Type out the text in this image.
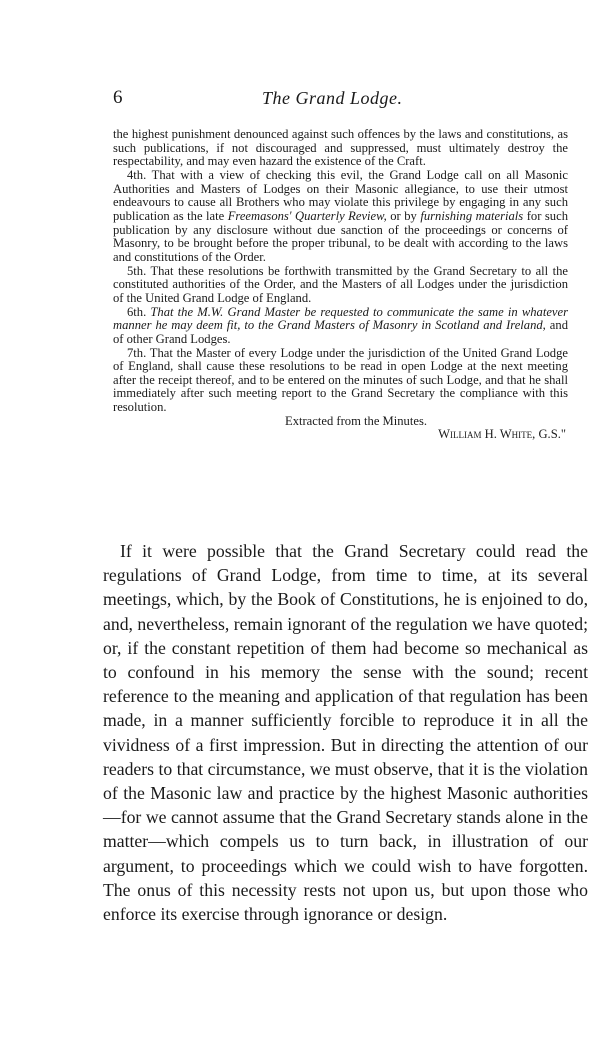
6	The Grand Lodge.

the highest punishment denounced against such offences by the laws and constitutions, as such publications, if not discouraged and suppressed, must ultimately destroy the respectability, and may even hazard the existence of the Craft.

4th. That with a view of checking this evil, the Grand Lodge call on all Masonic Authorities and Masters of Lodges on their Masonic allegiance, to use their utmost endeavours to cause all Brothers who may violate this privilege by engaging in any such publication as the late Freemasons' Quarterly Review, or by furnishing materials for such publication by any disclosure without due sanction of the proceedings or concerns of Masonry, to be brought before the proper tribunal, to be dealt with according to the laws and constitutions of the Order.

5th. That these resolutions be forthwith transmitted by the Grand Secretary to all the constituted authorities of the Order, and the Masters of all Lodges under the jurisdiction of the United Grand Lodge of England.

6th. That the M.W. Grand Master be requested to communicate the same in whatever manner he may deem fit, to the Grand Masters of Masonry in Scotland and Ireland, and of other Grand Lodges.

7th. That the Master of every Lodge under the jurisdiction of the United Grand Lodge of England, shall cause these resolutions to be read in open Lodge at the next meeting after the receipt thereof, and to be entered on the minutes of such Lodge, and that he shall immediately after such meeting report to the Grand Secretary the compliance with this resolution.

Extracted from the Minutes.

William H. White, G.S."

If it were possible that the Grand Secretary could read the regulations of Grand Lodge, from time to time, at its several meetings, which, by the Book of Constitutions, he is enjoined to do, and, nevertheless, remain ignorant of the regulation we have quoted; or, if the constant repetition of them had become so mechanical as to confound in his memory the sense with the sound; recent reference to the meaning and application of that regulation has been made, in a manner sufficiently forcible to reproduce it in all the vividness of a first impression. But in directing the attention of our readers to that circumstance, we must observe, that it is the violation of the Masonic law and practice by the highest Masonic authorities—for we cannot assume that the Grand Secretary stands alone in the matter—which compels us to turn back, in illustration of our argument, to proceedings which we could wish to have forgotten. The onus of this necessity rests not upon us, but upon those who enforce its exercise through ignorance or design.
